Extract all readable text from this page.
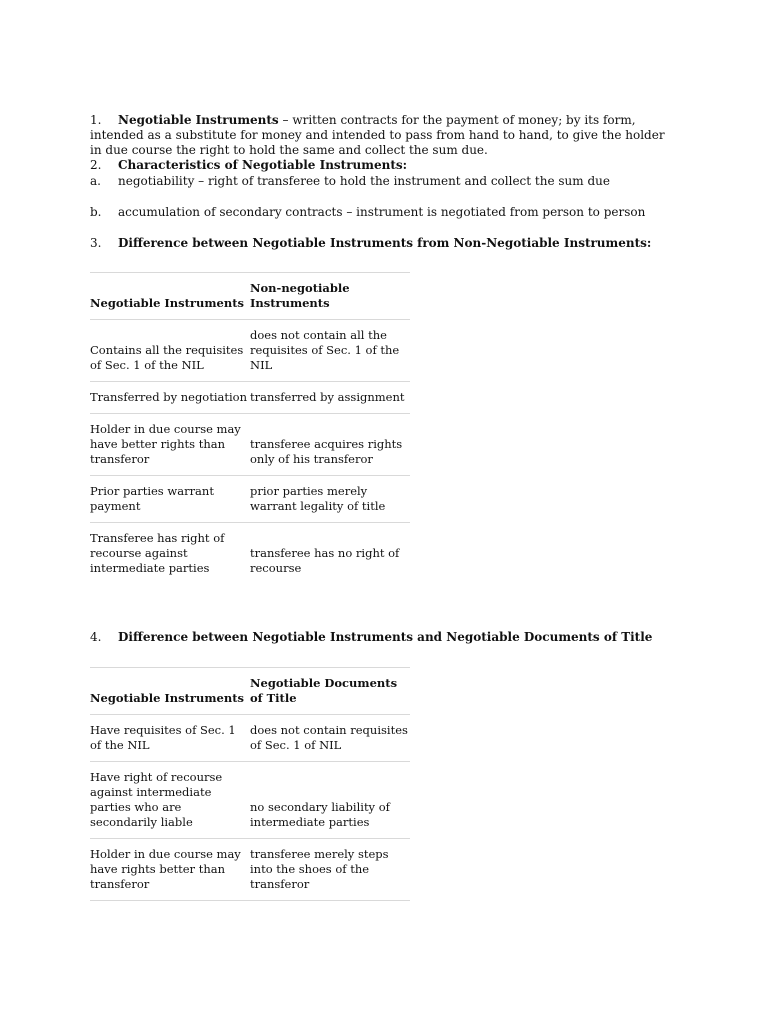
1. Negotiable Instruments – written contracts for the payment of money; by its form, intended as a substitute for money and intended to pass from hand to hand, to give the holder in due course the right to hold the same and collect the sum due.
2. Characteristics of Negotiable Instruments:
a. negotiability – right of transferee to hold the instrument and collect the sum due
b. accumulation of secondary contracts – instrument is negotiated from person to person
3. Difference between Negotiable Instruments from Non-Negotiable Instruments:
Negotiable Instruments	Non-negotiable Instruments
Contains all the requisites of Sec. 1 of the NIL	does not contain all the requisites of Sec. 1 of the NIL
Transferred by negotiation	transferred by assignment
Holder in due course may have better rights than transferor	transferee acquires rights only of his transferor
Prior parties warrant payment	prior parties merely warrant legality of title
Transferee has right of recourse against intermediate parties	transferee has no right of recourse
4. Difference between Negotiable Instruments and Negotiable Documents of Title
Negotiable Instruments	Negotiable Documents of Title
Have requisites of Sec. 1 of the NIL	does not contain requisites of Sec. 1 of NIL
Have right of recourse against intermediate parties who are secondarily liable	no secondary liability of intermediate parties
Holder in due course may have rights better than transferor	transferee merely steps into the shoes of the transferor
